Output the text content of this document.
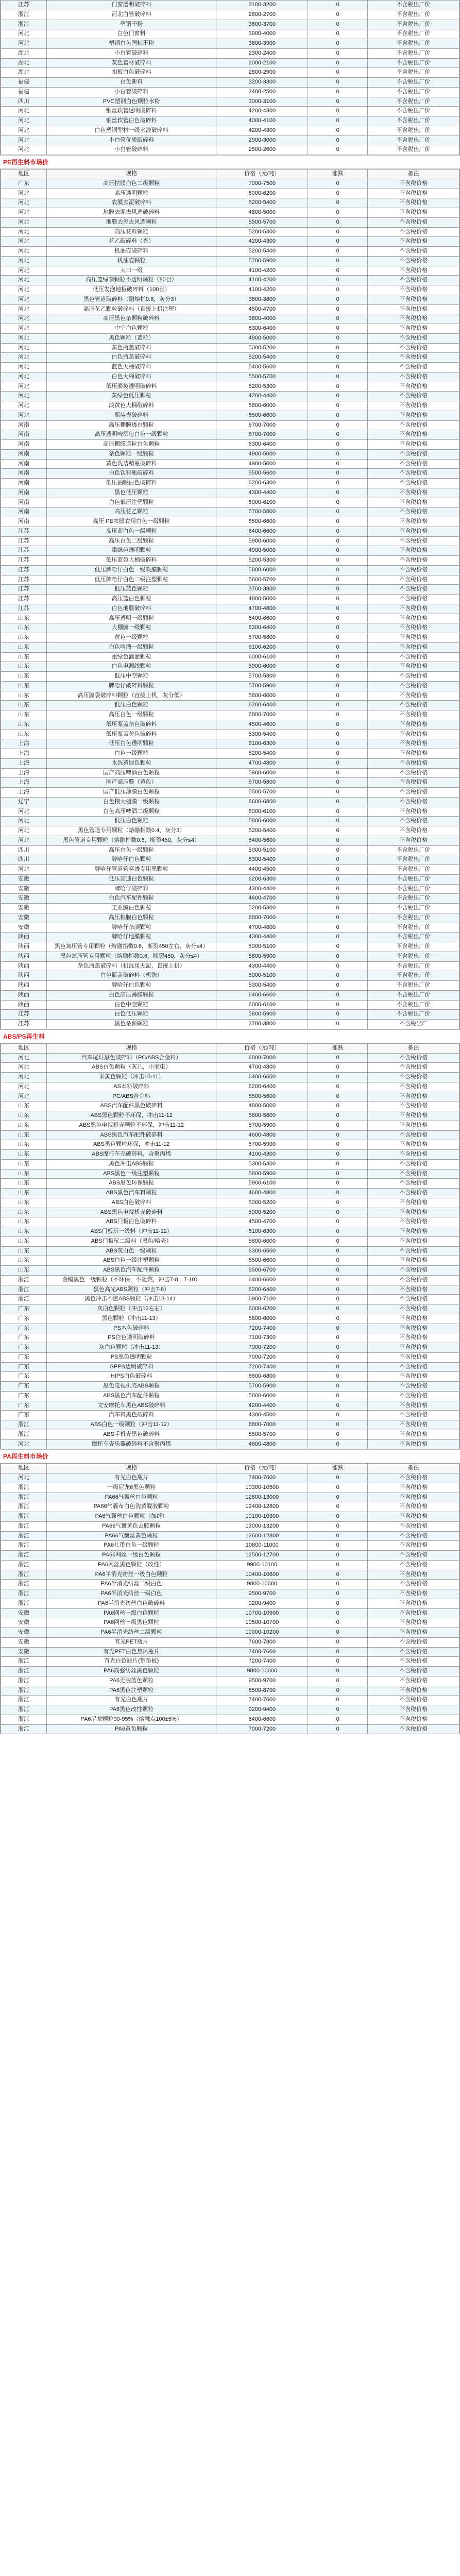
江苏	门窗透明破碎料	3100-3200	0	不含税出厂价
浙江	河北白管破碎料	2600-2700	0	不含税出厂价
浙江	塑钢干粉	3600-3700	0	不含税出厂价
河北	白色门窗料	3900-4000	0	不含税出厂价
河北	塑钢白色国标干粉	3800-3900	0	不含税出厂价
湖北	小白管破碎料	2300-2400	0	不含税出厂价
湖北	灰色管材破碎料	2000-2100	0	不含税出厂价
湖北	扣板白色破碎料	2800-2900	0	不含税出厂价
福建	白色新料	3200-3300	0	不含税出厂价
福建	小白管破碎料	2400-2500	0	不含税出厂价
四川	PVC塑钢白色颗粒水粉	3000-3100	0	不含税出厂价
河北	钢丝软管透明破碎料	4200-4300	0	不含税出厂价
河北	钢丝软管白色破碎料	4000-4100	0	不含税出厂价
河北	白色塑钢型材一级水洗破碎料	4200-4300	0	不含税出厂价
河北	小白管优质破碎料	2900-3000	0	不含税出厂价
河北	小白管破碎料	2500-2600	0	不含税出厂价
PE再生料市场价
地区	规格	价格（元/吨）	涨跌	备注
广东	高压拉膜白色二级颗粒	7000-7500	0	不含税价格
河北	高压透明颗粒	6000-6200	0	不含税价格
河北	农膜去泥破碎料	5200-5400	0	不含税价格
河北	地膜去泥去风选破碎料	4800-5000	0	不含税价格
河北	地膜去泥去风选颗粒	5500-5700	0	不含税价格
河北	高压花料颗粒	5200-5400	0	不含税价格
河北	花乙破碎料（光）	4200-4300	0	不含税价格
河北	机油壶破碎料	5200-5400	0	不含税价格
河北	机油壶颗粒	5700-5900	0	不含税价格
河北	大口一级	4100-4200	0	不含税价格
河北	高压蓝绿杂颗粒不透明颗粒（80目）	4100-4200	0	不含税价格
河北	低压发泡地板破碎料（100目）	4100-4200	0	不含税价格
河北	黑色管道破碎料（融熔指0.6，灰分3）	3600-3800	0	不含税价格
河北	高压花乙颗粒破碎料（直接上机注塑）	4500-4700	0	不含税价格
河北	高压黑色杂颗粒破碎料	3800-4000	0	不含税价格
河北	中空白色颗粒	6300-6400	0	不含税价格
河北	黑色颗粒（造粒）	4800-5000	0	不含税价格
河北	黄色瓶盖破碎料	5000-5200	0	不含税价格
河北	白色瓶盖破碎料	5200-5400	0	不含税价格
河北	蓝色大桶破碎料	5400-5600	0	不含税价格
河北	白色大桶破碎料	5500-5700	0	不含税价格
河北	低压膜袋透明破碎料	5200-5300	0	不含税价格
河北	黄绿色低压颗粒	4200-4400	0	不含税价格
河北	淡黄色大桶破碎料	5800-6000	0	不含税价格
河北	瓶装壶破碎料	6500-6600	0	不含税价格
河南	高压棚膜透白颗粒	6700-7000	0	不含税价格
河南	高压透明啤酒包白色一级颗粒	6700-7000	0	不含税价格
河南	高压棚膜造粒白色颗粒	6300-6400	0	不含税价格
河南	杂色颗粒一级颗粒	4900-5000	0	不含税价格
河南	黄色洗洁精瓶破碎料	4900-5000	0	不含税价格
河南	白色饮料瓶破碎料	5500-5600	0	不含税价格
河南	低压抽吸白色破碎料	6200-6300	0	不含税价格
河南	黑色低压颗粒	4300-4400	0	不含税价格
河南	白色低压注塑颗粒	6000-6100	0	不含税价格
河南	高压花乙颗粒	5700-5800	0	不含税价格
河南	高压 PE农膜农用白色一级颗粒	6500-6600	0	不含税价格
江苏	高压蓝白色一级颗粒	6400-6600	0	不含税价格
江苏	高压白色二级颗粒	5900-6000	0	不含税价格
江苏	重绿色透明颗粒	4900-5000	0	不含税价格
江苏	低压蓝色大桶破碎料	5200-5300	0	不含税价格
江苏	低压牌哈仔白色一级吹膜颗粒	5800-6000	0	不含税价格
江苏	低压牌哈仔白色二级注塑颗粒	5600-5700	0	不含税价格
江苏	低压蓝色颗粒	3700-3800	0	不含税价格
江苏	高压蓝白色颗粒	4800-5000	0	不含税价格
江苏	白色地膜破碎料	4700-4800	0	不含税价格
山东	高压透明一级颗粒	6400-6600	0	不含税价格
山东	大棚膜一级颗粒	6300-6400	0	不含税价格
山东	黄色一级颗粒	5700-5800	0	不含税价格
山东	白色啤酒一级颗粒	6100-6200	0	不含税价格
山东	重绿色滴灌颗粒	6000-6100	0	不含税价格
山东	白色电源线颗粒	5900-6000	0	不含税价格
山东	低压中空颗粒	5700-5800	0	不含税价格
山东	牌哈仔破碎料颗粒	5700-5900	0	不含税价格
山东	高压膜袋破碎料颗粒（直接上机，灰分低）	5800-6000	0	不含税价格
山东	低压白色颗粒	6200-6400	0	不含税价格
山东	高压白色一级颗粒	6800-7000	0	不含税价格
山东	低压瓶盖杂色破碎料	4500-4600	0	不含税价格
山东	低压瓶盖黄色破碎料	5300-5400	0	不含税价格
上海	低压白色透明颗粒	6100-6300	0	不含税价格
上海	白色一级颗粒	5200-5400	0	不含税价格
上海	水洗黄绿色颗粒	4700-4800	0	不含税价格
上海	国产高压啤酒白色颗粒	5900-6000	0	不含税价格
上海	国产高压膜（黄色）	5700-5800	0	不含税价格
上海	国产低压薄膜白色颗粒	5500-5700	0	不含税价格
辽宁	白色粮大棚膜一级颗粒	6600-6800	0	不含税价格
河北	白色高压啤酒二级颗粒	6000-6100	0	不含税价格
河北	低压白色颗粒	5800-6000	0	不含税价格
河北	黑色管道专用颗粒（熔融指数0.4，灰分3）	5200-5400	0	不含税价格
河北	黑色管道专用颗粒（熔融指数0.6，断裂450，灰分≤4）	5400-5600	0	不含税价格
四川	高压白色一级颗粒	5000-5100	0	不含税出厂价
四川	牌哈仔白色颗粒	5300-5400	0	不含税出厂价
河北	牌哈仔管道管穿透专用黑颗粒	4400-4500	0	不含税出厂价
安徽	低压高速白色颗粒	6200-6300	0	不含税出厂价
安徽	牌哈仔破碎料	4300-4400	0	不含税出厂价
安徽	白色汽车配件颗粒	4600-4700	0	不含税出厂价
安徽	工业膜白色颗粒	5200-5300	0	不含税出厂价
安徽	高压粮膜白色颗粒	6800-7000	0	不含税出厂价
安徽	牌哈仔杂颜颗粒	4700-4800	0	不含税出厂价
陕西	牌哈仔地膜颗粒	4300-4400	0	不含税出厂价
陕西	黑色氮压管专用颗粒（熔融指数0.6，断裂450左右，灰分≤4）	5000-5100	0	不含税出厂价
陕西	黑色氮压管专用颗粒（熔融指数0.6，断裂450，灰分≤4）	5800-5900	0	不含税出厂价
陕西	杂色瓶盖破碎料（机洗用无泥，直接上机）	4300-4400	0	不含税出厂价
陕西	白色瓶盖破碎料（机洗）	5000-5100	0	不含税出厂价
陕西	牌哈仔白色颗粒	5300-5400	0	不含税出厂价
陕西	白色高压薄膜颗粒	6400-6600	0	不含税出厂价
陕西	白色中空颗粒	6000-6100	0	不含税出厂价
江苏	白色低压颗粒	5800-5900	0	不含税出厂价
江苏	黑色杂颜颗粒	3700-3800	0	不含税出厂
ABS/PS再生料
地区	规格	价格（元/吨）	涨跌	备注
河北	汽车尾灯黑色破碎料（PC/ABS合金料）	6800-7000	0	不含税价格
河北	ABS白色颗粒（灰几，小家电）	4700-4800	0	不含税价格
河北	米黄色颗粒（冲击10-11）	6400-6600	0	不含税价格
河北	AS本料破碎料	6200-6400	0	不含税价格
河北	PC/ABS合金料	5500-5600	0	不含税价格
山东	ABS汽车配件黑色破碎料	4800-5000	0	不含税价格
山东	ABS黑色颗粒不环保，冲击11-12	5600-5800	0	不含税价格
山东	ABS黑色电视机壳颗粒不环保，冲击11-12	5700-5900	0	不含税价格
山东	ABS黑色汽车配件破碎料	4600-4800	0	不含税价格
山东	ABS黑色颗粒环保，冲击11-12	5700-5900	0	不含税价格
山东	ABS摩托车壳破碎料，含聚丙烯	4100-4300	0	不含税价格
山东	黑色冲击ABS颗粒	5300-5400	0	不含税价格
山东	ABS黑色一级注塑颗粒	5800-5900	0	不含税价格
山东	ABS黑色环保颗粒	5900-6100	0	不含税价格
山东	ABS黑色汽车料颗粒	4600-4800	0	不含税价格
山东	ABS白色破碎料	5000-5200	0	不含税价格
山东	ABS黑色电视机壳破碎料	5000-5200	0	不含税价格
山东	ABS门板白色破碎料	4500-4700	0	不含税价格
山东	ABS门板玩一级料（冲击11-12）	6100-6300	0	不含税价格
山东	ABS门板玩二级料（黑色/哈壳）	5800-6000	0	不含税价格
山东	ABS灰白色一级颗粒	6300-6500	0	不含税价格
山东	ABS白色一级注塑颗粒	6500-6600	0	不含税价格
山东	ABS黑色汽车配件颗粒	6500-6700	0	不含税价格
浙江	金镜黑色一级颗粒（不环保，不阻燃，冲击7-8，7-10）	6400-6600	0	不含税价格
浙江	黑色高光ABS颗粒（冲击7-8）	6200-6400	0	不含税价格
浙江	黑色冲击不燃ABS颗粒（冲击13-14）	6900-7100	0	不含税价格
广东	灰白色颗粒（冲击12左右）	6000-6200	0	不含税价格
广东	黑色颗粒（冲击11-13）	5800-6000	0	不含税价格
广东	PS本色破碎料	7200-7400	0	不含税价格
广东	PS白色透明破碎料	7100-7300	0	不含税价格
广东	灰白色颗粒（冲击11-13）	7000-7200	0	不含税价格
广东	PS黑色透明颗粒	7000-7200	0	不含税价格
广东	GPPS透明破碎料	7200-7400	0	不含税价格
广东	HIPS白色破碎料	6600-6800	0	不含税价格
广东	黑色电视机壳ABS颗粒	5700-5900	0	不含税价格
广东	ABS黑色汽车配件颗粒	5800-6000	0	不含税价格
广东	文安摩托车黑色ABS破碎料	4200-4400	0	不含税价格
广东	汽车料黑色破碎料	4300-4500	0	不含税价格
浙江	ABS白色一级颗粒（冲击11-12）	6800-7000	0	不含税价格
浙江	ABS手机壳黑色破碎料	5500-5700	0	不含税价格
河北	摩托车壳乐器破碎料不含聚丙烯	4600-4800	0	不含税价格
PA再生料市场价
地区	规格	价格（元/吨）	涨跌	备注
河北	有光白色瓶片	7400-7600	0	不含税价格
浙江	一级尼龙6黑色颗粒	10300-10500	0	不含税价格
浙江	PA66气囊丝白色颗粒	12800-13000	0	不含税价格
浙江	PA66气囊布白色洗黄脱胶颗粒	12400-12600	0	不含税价格
浙江	PA6气囊丝白色颗粒（加纤）	10100-10300	0	不含税价格
浙江	PA66气囊黄色去胶颗粒	13000-13200	0	不含税价格
浙江	PA66气囊丝黄色颗粒	12600-12800	0	不含税价格
浙江	PA6扎带白色一级颗粒	10800-11000	0	不含税价格
浙江	PA66网丝一级白色颗粒	12500-12700	0	不含税价格
浙江	PA6网丝黑色颗粒（改性）	9900-10100	0	不含税价格
浙江	PA6半消光纺丝一级白色颗粒	10400-10600	0	不含税价格
浙江	PA6半消光纺丝二级白色	9800-10000	0	不含税价格
浙江	PA6半消光纺丝一级白色	9500-9700	0	不含税价格
浙江	PA6半消光纺丝白色破碎料	9200-9400	0	不含税价格
安徽	PA6网丝一级白色颗粒	10700-10900	0	不含税价格
安徽	PA6网丝一级黑色颗粒	10500-10700	0	不含税价格
安徽	PA6半消光纺丝二级颗粒	10000-10200	0	不含税价格
安徽	有光PET瓶片	7600-7800	0	不含税价格
安徽	有光PET白色热风瓶片	7400-7600	0	不含税价格
浙江	有光白色瓶片(带垫板)	7200-7400	0	不含税价格
浙江	PA6高强纺丝黑色颗粒	9800-10000	0	不含税价格
浙江	PA6无胶蓝色颗粒	9500-9700	0	不含税价格
浙江	PA6黑色注塑颗粒	8500-8700	0	不含税价格
浙江	有光白色瓶片	7400-7600	0	不含税价格
浙江	PA6黑色改性颗粒	9200-9400	0	不含税价格
浙江	PA6尼龙颗粒90-95%（熔融点100±5%）	6400-6600	0	不含税价格
浙江	PA6黄色颗粒	7000-7200	0	不含税价格
